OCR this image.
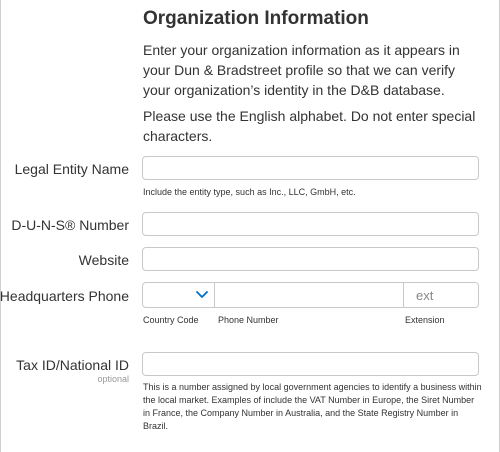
Organization Information
Enter your organization information as it appears in your Dun & Bradstreet profile so that we can verify your organization’s identity in the D&B database.
Please use the English alphabet. Do not enter special characters.
Legal Entity Name
Include the entity type, such as Inc., LLC, GmbH, etc.
D-U-N-S® Number
Website
Headquarters Phone
ext
Country Code Phone Number	Extension
Tax ID/National ID
optional
This is a number assigned by local government agencies to identify a business within the local market. Examples of include the VAT Number in Europe, the Siret Number in France, the Company Number in Australia, and the State Registry Number in Brazil.
